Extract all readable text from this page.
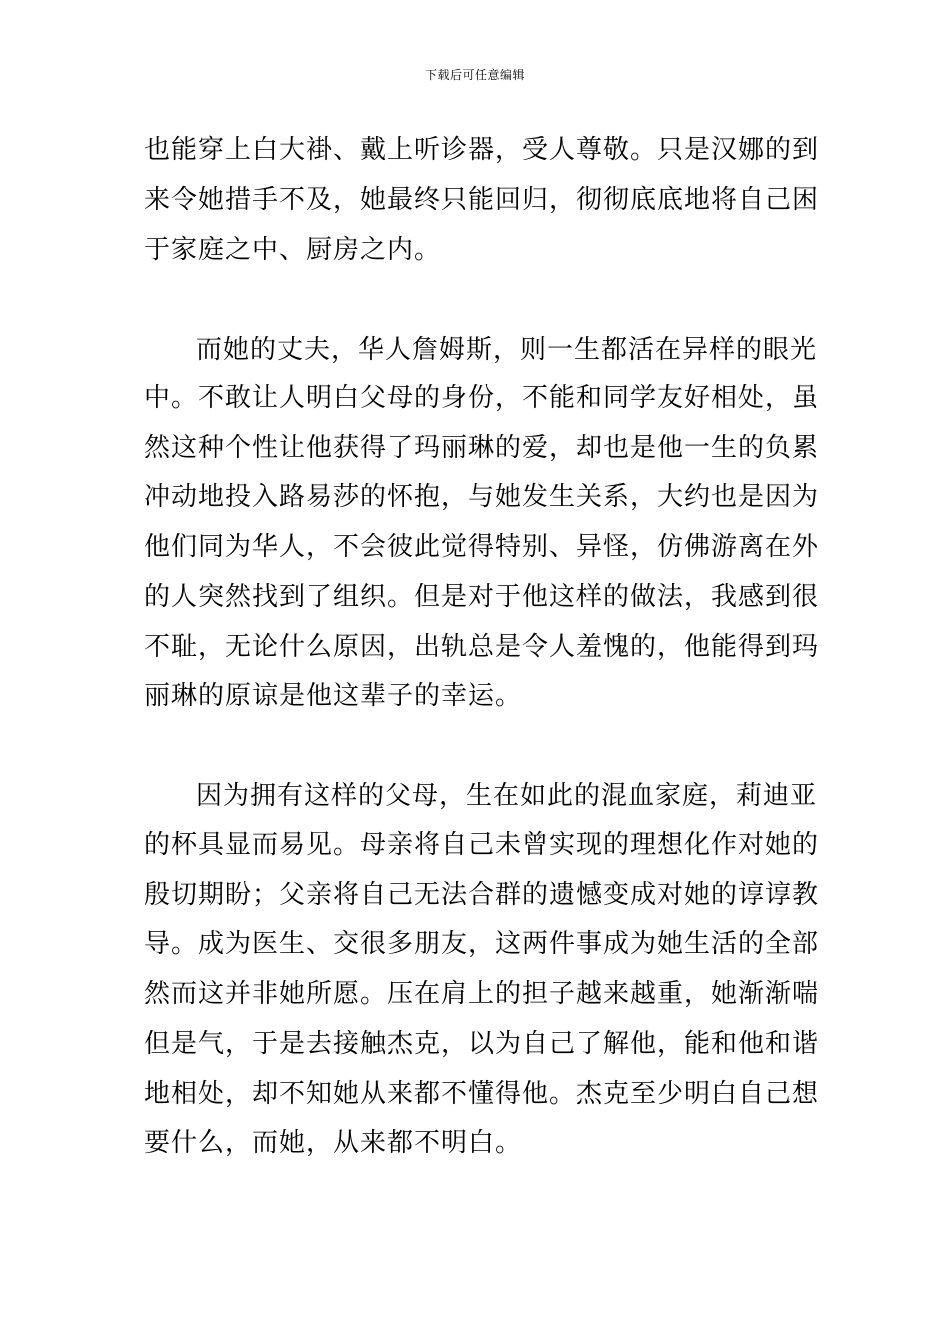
下载后可任意编辑
也能穿上白大褂、戴上听诊器，受人尊敬。只是汉娜的到
来令她措手不及，她最终只能回归，彻彻底底地将自己困
于家庭之中、厨房之内。
而她的丈夫，华人詹姆斯，则一生都活在异样的眼光
中。不敢让人明白父母的身份，不能和同学友好相处，虽
然这种个性让他获得了玛丽琳的爱，却也是他一生的负累
冲动地投入路易莎的怀抱，与她发生关系，大约也是因为
他们同为华人，不会彼此觉得特别、异怪，仿佛游离在外
的人突然找到了组织。但是对于他这样的做法，我感到很
不耻，无论什么原因，出轨总是令人羞愧的，他能得到玛
丽琳的原谅是他这辈子的幸运。
因为拥有这样的父母，生在如此的混血家庭，莉迪亚
的杯具显而易见。母亲将自己未曾实现的理想化作对她的
殷切期盼；父亲将自己无法合群的遗憾变成对她的谆谆教
导。成为医生、交很多朋友，这两件事成为她生活的全部
然而这并非她所愿。压在肩上的担子越来越重，她渐渐喘
但是气，于是去接触杰克，以为自己了解他，能和他和谐
地相处，却不知她从来都不懂得他。杰克至少明白自己想
要什么，而她，从来都不明白。
